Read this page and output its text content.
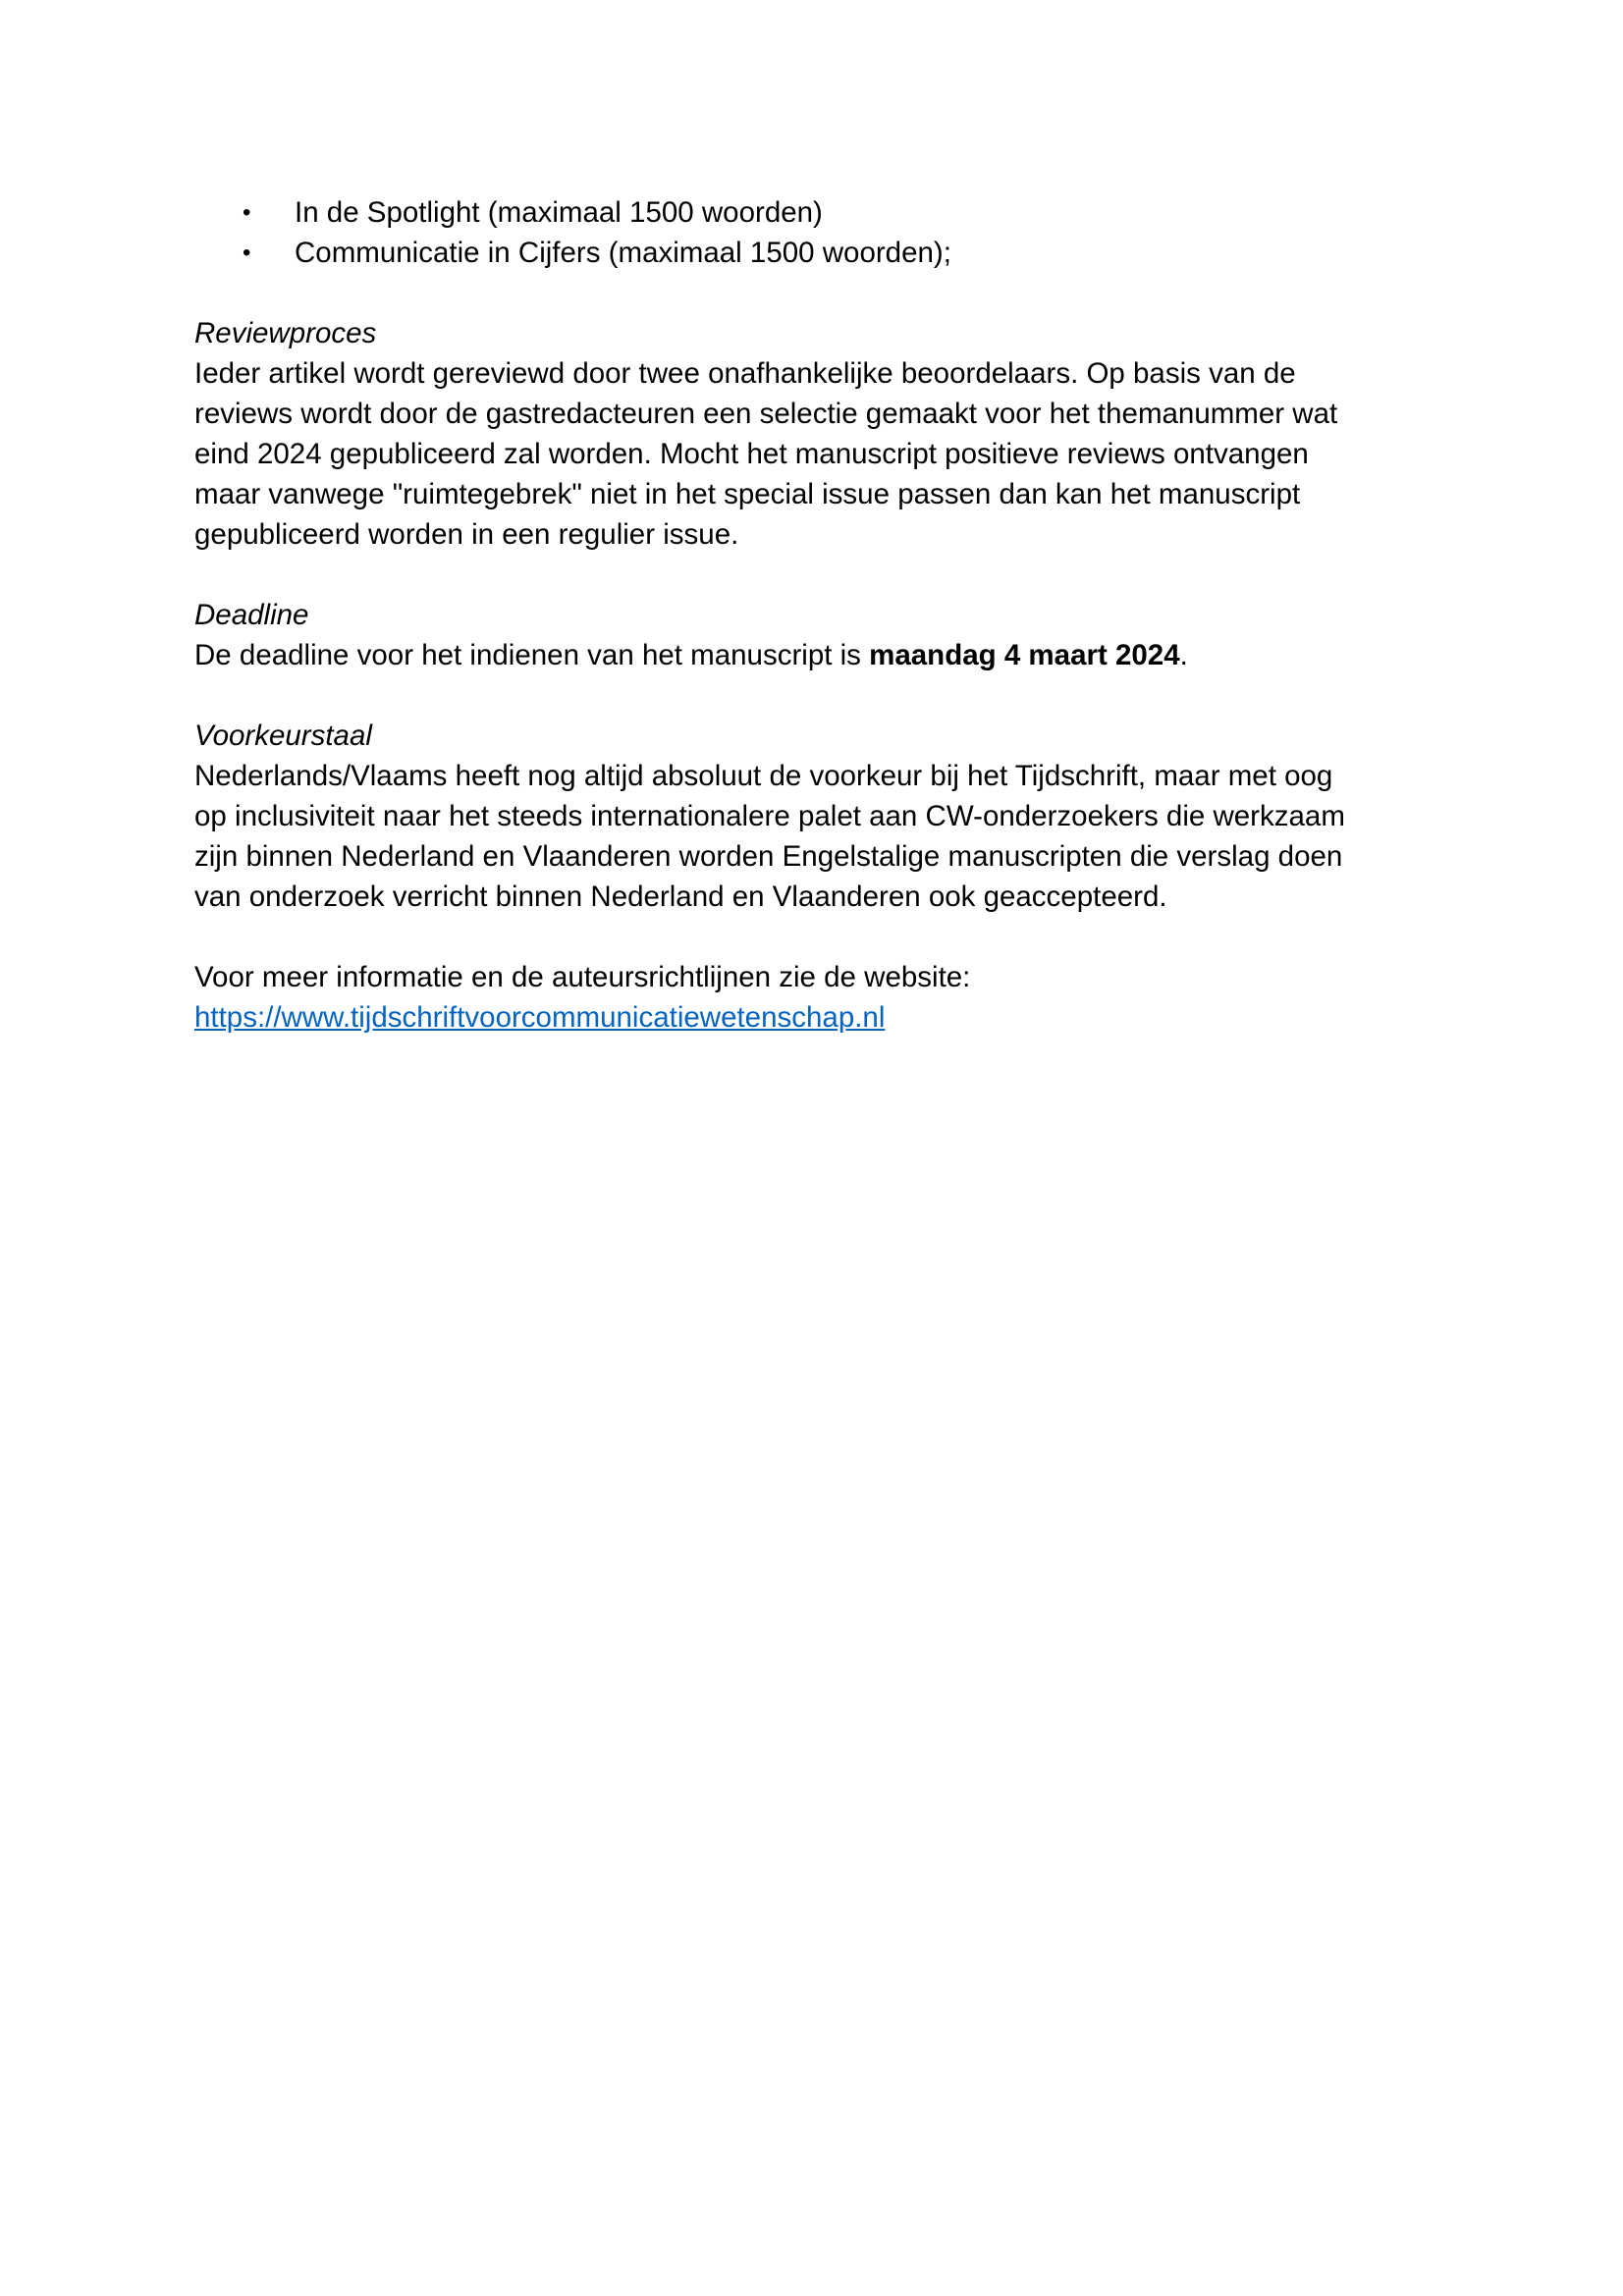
• In de Spotlight (maximaal 1500 woorden)
• Communicatie in Cijfers (maximaal 1500 woorden);
Reviewproces

Ieder artikel wordt gereviewd door twee onafhankelijke beoordelaars. Op basis van de
reviews wordt door de gastredacteuren een selectie gemaakt voor het themanummer wat
eind 2024 gepubliceerd zal worden. Mocht het manuscript positieve reviews ontvangen
maar vanwege "ruimtegebrek" niet in het special issue passen dan kan het manuscript
gepubliceerd worden in een regulier issue.

Deadline

De deadline voor het indienen van het manuscript is maandag 4 maart 2024.

Voorkeurstaal

Nederlands/Vlaams heeft nog altijd absoluut de voorkeur bij het Tijdschrift, maar met oog
op inclusiviteit naar het steeds internationalere palet aan CW-onderzoekers die werkzaam
zijn binnen Nederland en Vlaanderen worden Engelstalige manuscripten die verslag doen
van onderzoek verricht binnen Nederland en Vlaanderen ook geaccepteerd.

Voor meer informatie en de auteursrichtlijnen zie de website:
https://www.tijdschriftvoorcommunicatiewetenschap.nl
